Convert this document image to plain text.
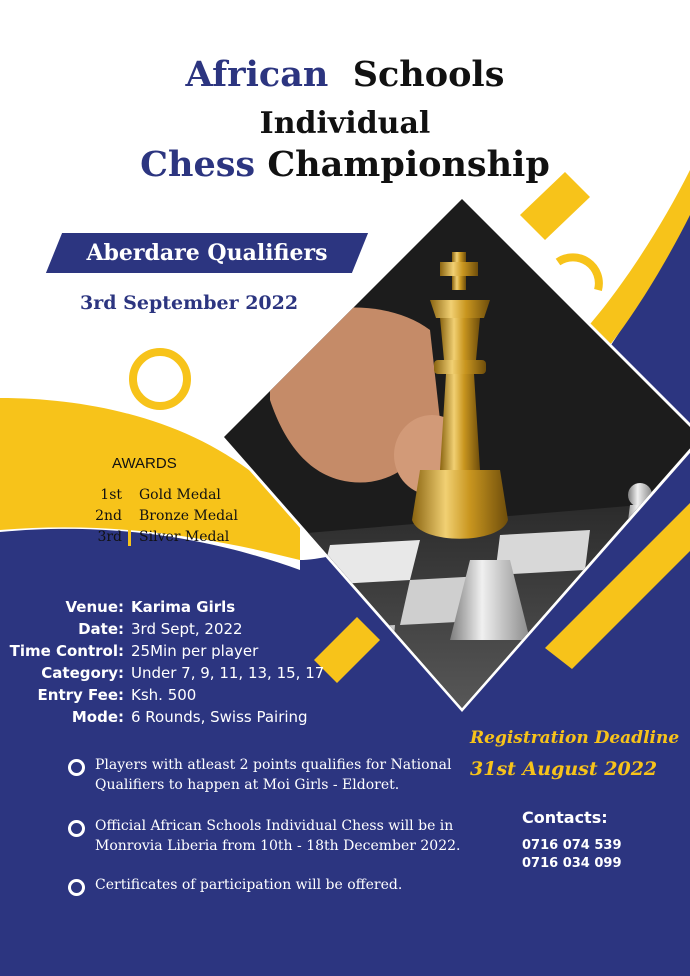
African Schools
Individual
Chess Championship
Aberdare Qualifiers
3rd September 2022
AWARDS
1st Gold Medal
2nd Bronze Medal
3rd Silver Medal
Venue: Karima Girls
Date: 3rd Sept, 2022
Time Control: 25Min per player
Category: Under 7, 9, 11, 13, 15, 17
Entry Fee: Ksh. 500
Mode: 6 Rounds, Swiss Pairing
Players with atleast 2 points qualifies for National
Qualifiers to happen at Moi Girls - Eldoret.
Official African Schools Individual Chess will be in
Monrovia Liberia from 10th - 18th December 2022.
Certificates of participation will be offered.
Registration Deadline
31st August 2022
Contacts:
0716 074 539
0716 034 099
